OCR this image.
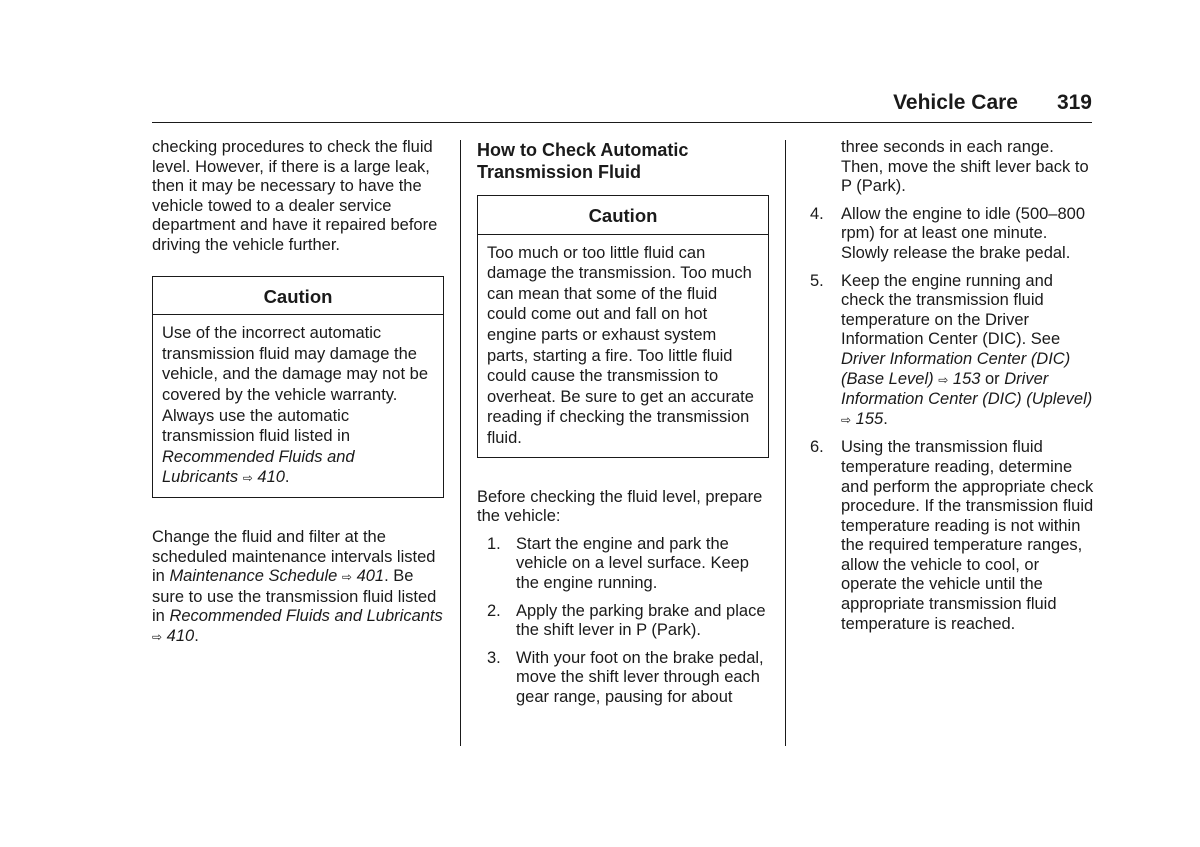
Vehicle Care 319

checking procedures to check the fluid level. However, if there is a large leak, then it may be necessary to have the vehicle towed to a dealer service department and have it repaired before driving the vehicle further.

Caution
Use of the incorrect automatic transmission fluid may damage the vehicle, and the damage may not be covered by the vehicle warranty. Always use the automatic transmission fluid listed in Recommended Fluids and Lubricants ⇨ 410.

Change the fluid and filter at the scheduled maintenance intervals listed in Maintenance Schedule ⇨ 401. Be sure to use the transmission fluid listed in Recommended Fluids and Lubricants ⇨ 410.

How to Check Automatic Transmission Fluid
Caution
Too much or too little fluid can damage the transmission. Too much can mean that some of the fluid could come out and fall on hot engine parts or exhaust system parts, starting a fire. Too little fluid could cause the transmission to overheat. Be sure to get an accurate reading if checking the transmission fluid.

Before checking the fluid level, prepare the vehicle:

1. Start the engine and park the vehicle on a level surface. Keep the engine running.
2. Apply the parking brake and place the shift lever in P (Park).
3. With your foot on the brake pedal, move the shift lever through each gear range, pausing for about

three seconds in each range. Then, move the shift lever back to P (Park).

4. Allow the engine to idle (500–800 rpm) for at least one minute. Slowly release the brake pedal.
5. Keep the engine running and check the transmission fluid temperature on the Driver Information Center (DIC). See Driver Information Center (DIC) (Base Level) ⇨ 153 or Driver Information Center (DIC) (Uplevel) ⇨ 155.
6. Using the transmission fluid temperature reading, determine and perform the appropriate check procedure. If the transmission fluid temperature reading is not within the required temperature ranges, allow the vehicle to cool, or operate the vehicle until the appropriate transmission fluid temperature is reached.
